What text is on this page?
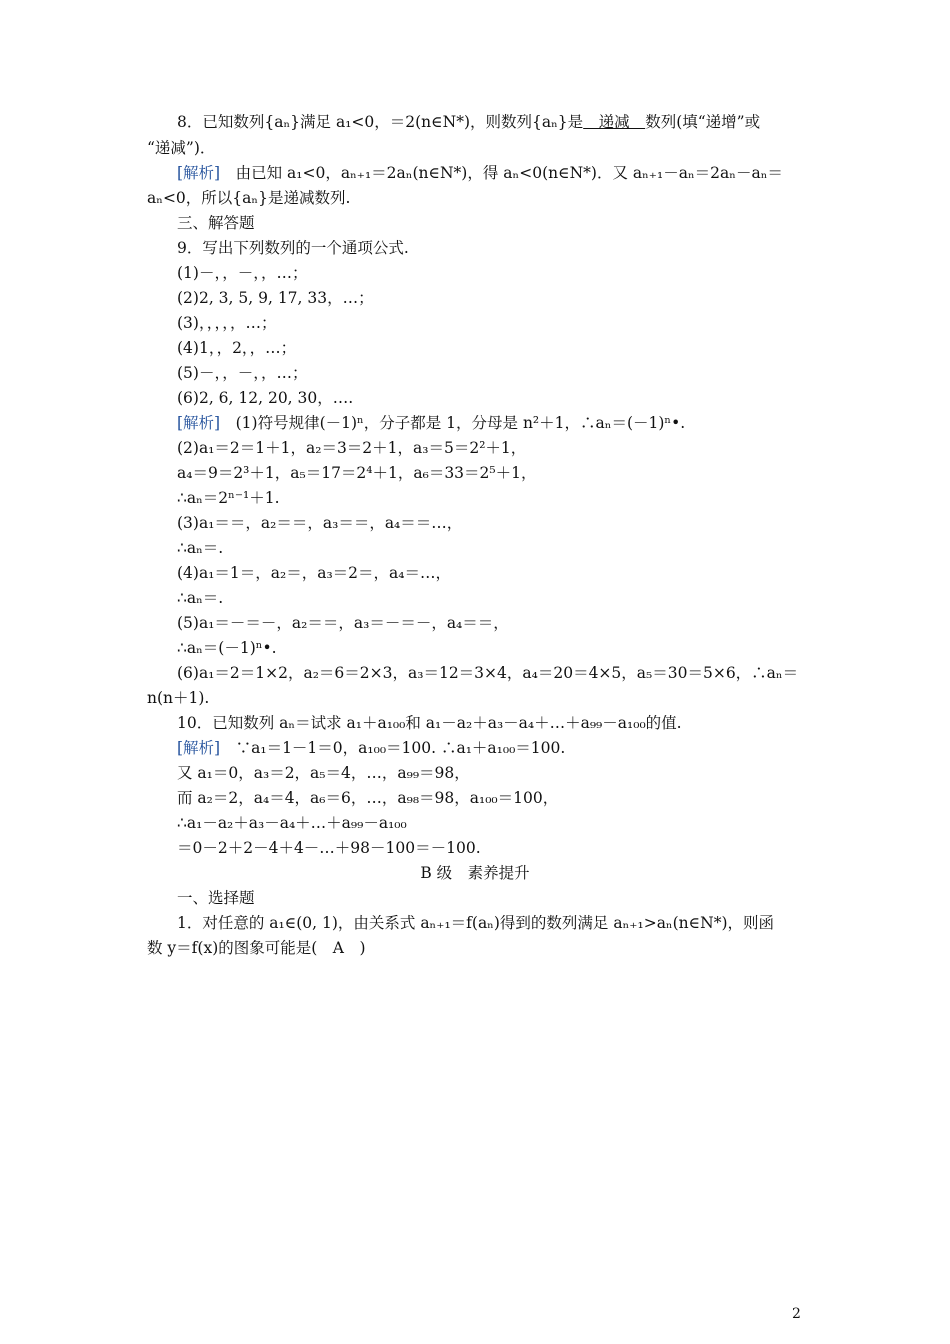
8．已知数列{aₙ}满足 a₁<0，＝2(n∈N*)，则数列{aₙ}是　递减　数列(填“递增”或
“递减”)．
[解析]　由已知 a₁<0，aₙ₊₁＝2aₙ(n∈N*)，得 aₙ<0(n∈N*)．又 aₙ₊₁－aₙ＝2aₙ－aₙ＝
aₙ<0，所以{aₙ}是递减数列.
三、解答题
9．写出下列数列的一个通项公式.
(1)－，，－，，…；
(2)2, 3, 5, 9, 17, 33，…；
(3)，，，，，…；
(4)1，，2，，…；
(5)－，，－，，…；
(6)2, 6, 12, 20, 30，….
[解析]　(1)符号规律(－1)ⁿ，分子都是 1，分母是 n²＋1，∴aₙ＝(－1)ⁿ•.
(2)a₁＝2＝1＋1，a₂＝3＝2＋1，a₃＝5＝2²＋1，
a₄＝9＝2³＋1，a₅＝17＝2⁴＋1，a₆＝33＝2⁵＋1，
∴aₙ＝2ⁿ⁻¹＋1.
(3)a₁＝＝，a₂＝＝，a₃＝＝，a₄＝＝…，
∴aₙ＝.
(4)a₁＝1＝，a₂＝，a₃＝2＝，a₄＝…，
∴aₙ＝.
(5)a₁＝－＝－，a₂＝＝，a₃＝－＝－，a₄＝＝，
∴aₙ＝(－1)ⁿ•.
(6)a₁＝2＝1×2，a₂＝6＝2×3，a₃＝12＝3×4，a₄＝20＝4×5，a₅＝30＝5×6，∴aₙ＝
n(n＋1).
10．已知数列 aₙ＝试求 a₁＋a₁₀₀和 a₁－a₂＋a₃－a₄＋…＋a₉₉－a₁₀₀的值.
[解析]　∵a₁＝1－1＝0，a₁₀₀＝100. ∴a₁＋a₁₀₀＝100.
又 a₁＝0，a₃＝2，a₅＝4，…，a₉₉＝98，
而 a₂＝2，a₄＝4，a₆＝6，…，a₉₈＝98，a₁₀₀＝100，
∴a₁－a₂＋a₃－a₄＋…＋a₉₉－a₁₀₀
＝0－2＋2－4＋4－…＋98－100＝－100.
B 级　素养提升
一、选择题
1．对任意的 a₁∈(0, 1)，由关系式 aₙ₊₁＝f(aₙ)得到的数列满足 aₙ₊₁>aₙ(n∈N*)，则函
数 y＝f(x)的图象可能是(　A　)
2
